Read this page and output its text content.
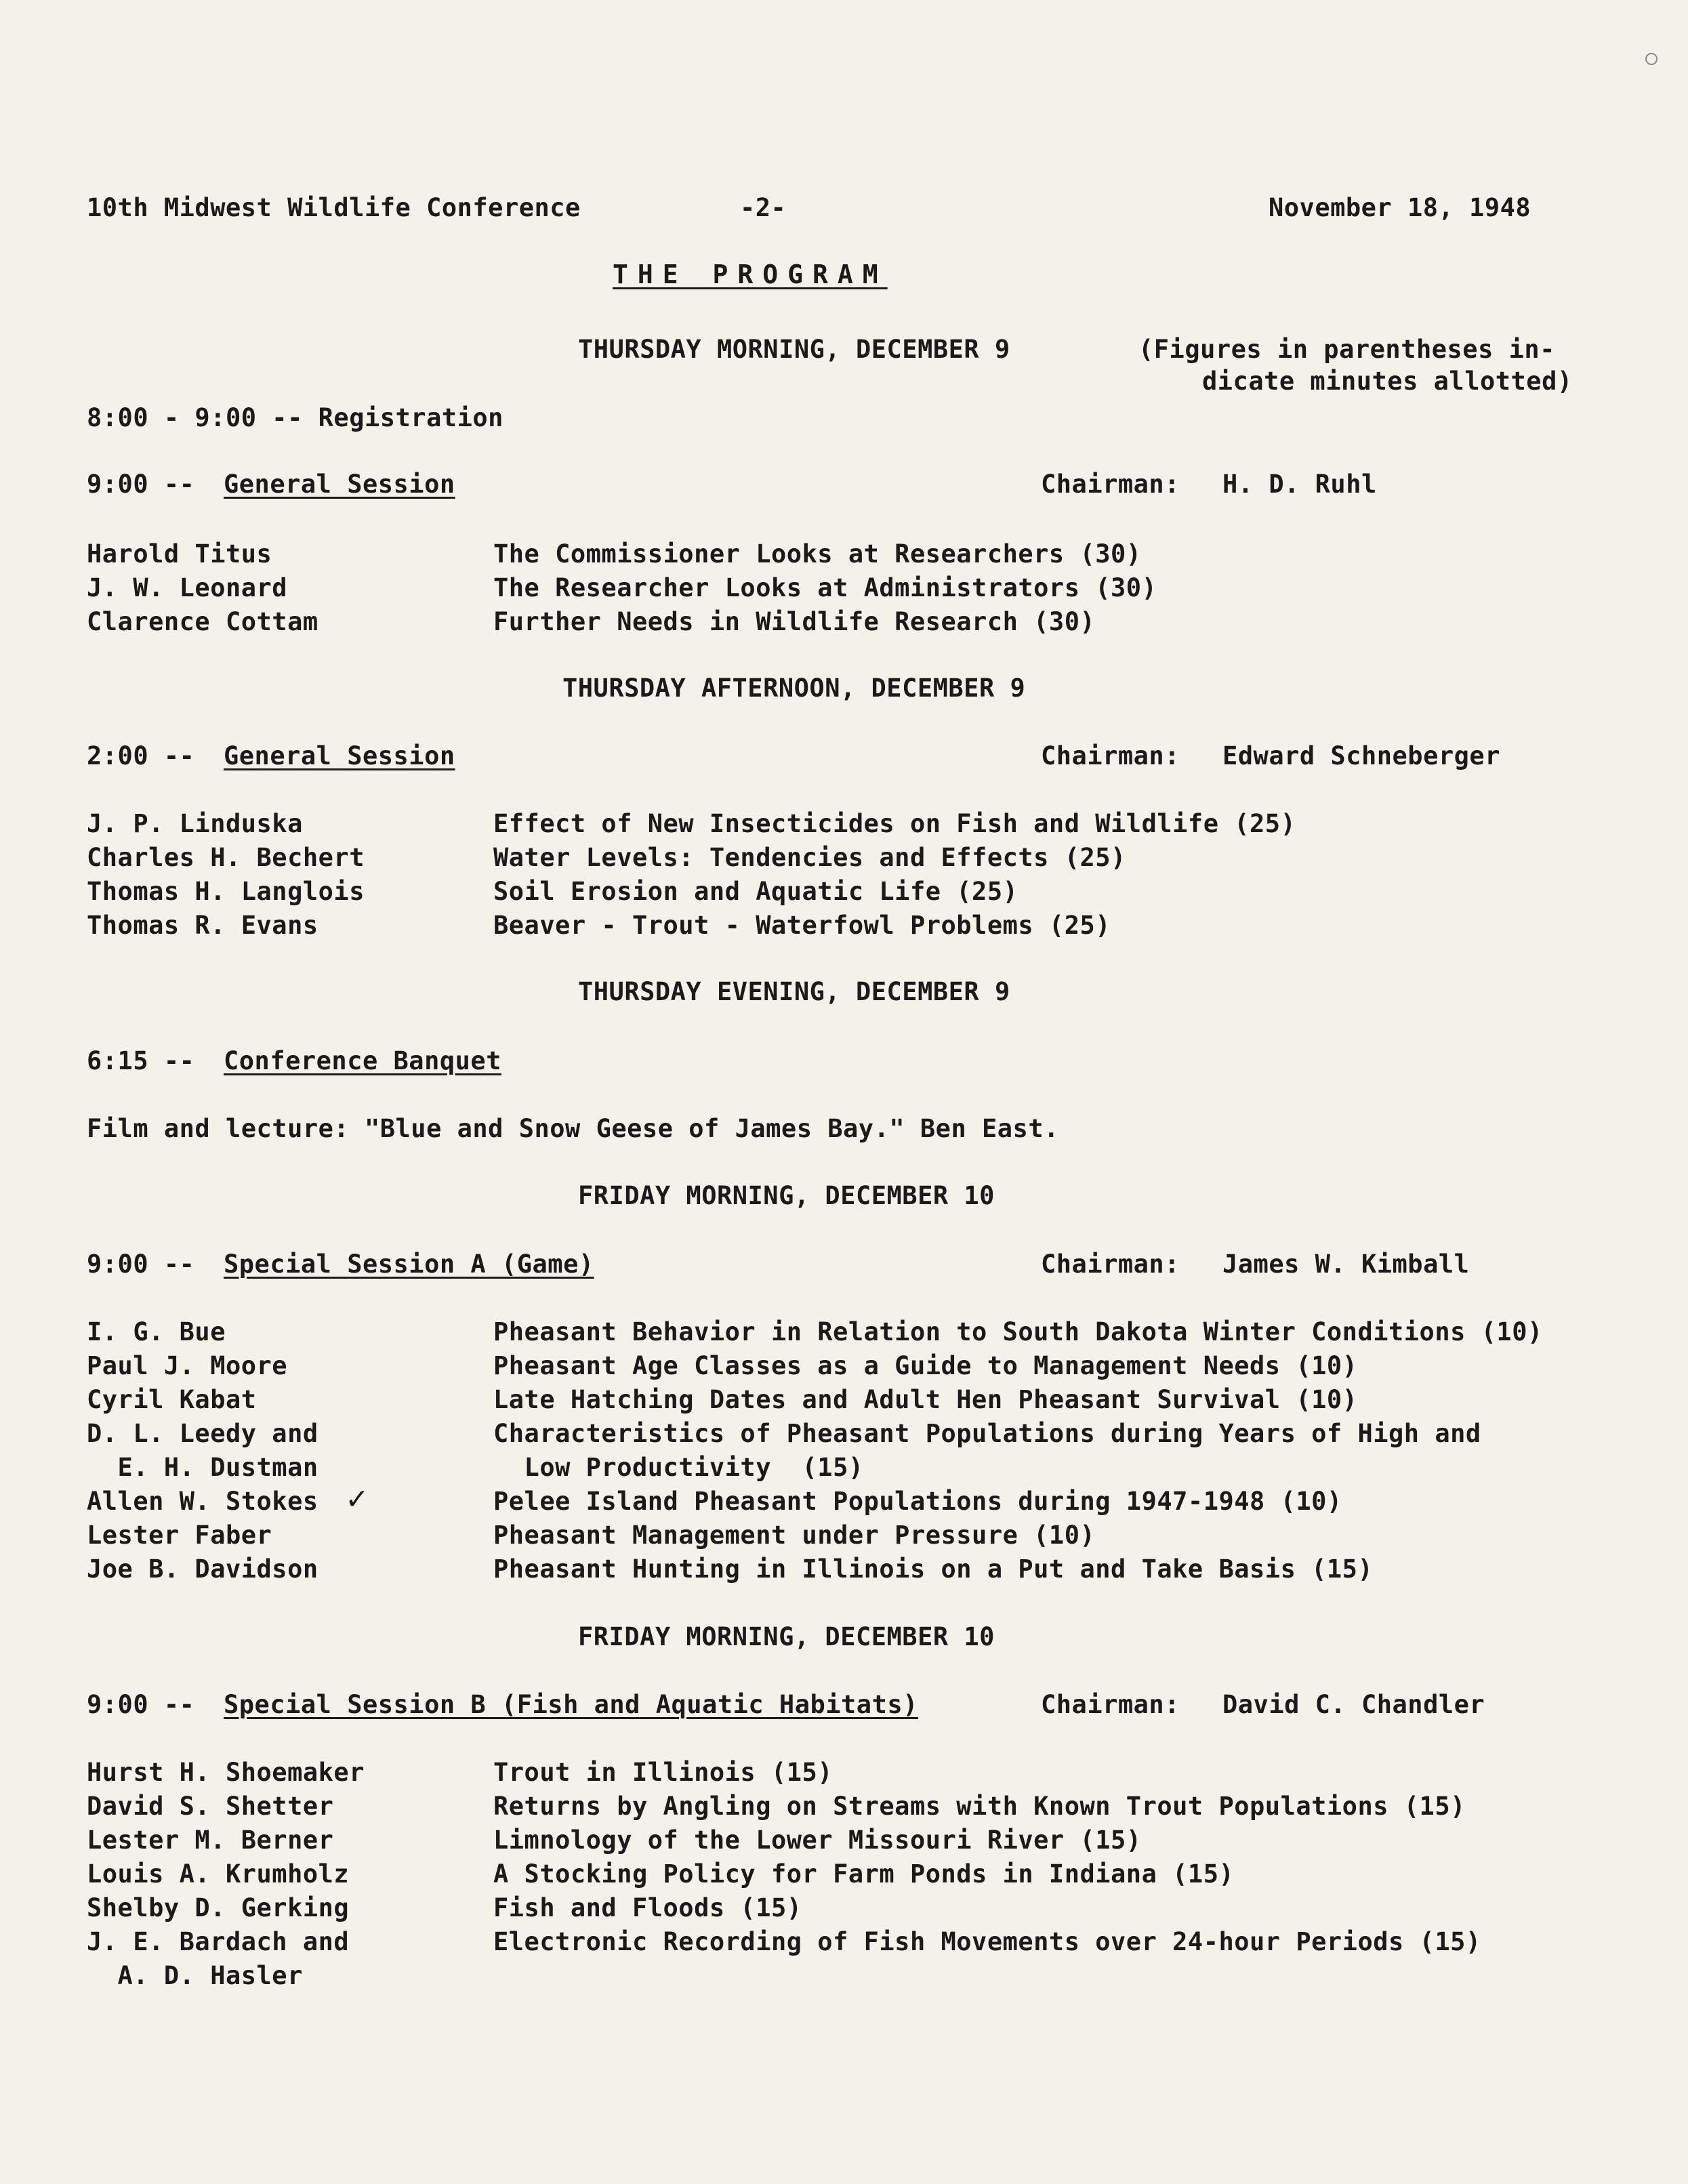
10th Midwest Wildlife Conference	-2-	November 18, 1948
THE PROGRAM
THURSDAY MORNING, DECEMBER 9	(Figures in parentheses in-
dicate minutes allotted)
8:00 - 9:00 -- Registration
9:00 -- General Session	Chairman: H. D. Ruhl
Harold Titus	The Commissioner Looks at Researchers (30)
J. W. Leonard	The Researcher Looks at Administrators (30)
Clarence Cottam	Further Needs in Wildlife Research (30)
THURSDAY AFTERNOON, DECEMBER 9
2:00 -- General Session	Chairman: Edward Schneberger
J. P. Linduska	Effect of New Insecticides on Fish and Wildlife (25)
Charles H. Bechert	Water Levels: Tendencies and Effects (25)
Thomas H. Langlois	Soil Erosion and Aquatic Life (25)
Thomas R. Evans	Beaver - Trout - Waterfowl Problems (25)
THURSDAY EVENING, DECEMBER 9
6:15 -- Conference Banquet
Film and lecture: "Blue and Snow Geese of James Bay." Ben East.
FRIDAY MORNING, DECEMBER 10
9:00 -- Special Session A (Game)	Chairman: James W. Kimball
I. G. Bue	Pheasant Behavior in Relation to South Dakota Winter Conditions (10)
Paul J. Moore	Pheasant Age Classes as a Guide to Management Needs (10)
Cyril Kabat	Late Hatching Dates and Adult Hen Pheasant Survival (10)
D. L. Leedy and	Characteristics of Pheasant Populations during Years of High and
E. H. Dustman	Low Productivity  (15)
Allen W. Stokes ✓	Pelee Island Pheasant Populations during 1947-1948 (10)
Lester Faber	Pheasant Management under Pressure (10)
Joe B. Davidson	Pheasant Hunting in Illinois on a Put and Take Basis (15)
FRIDAY MORNING, DECEMBER 10
9:00 -- Special Session B (Fish and Aquatic Habitats)	Chairman: David C. Chandler
Hurst H. Shoemaker	Trout in Illinois (15)
David S. Shetter	Returns by Angling on Streams with Known Trout Populations (15)
Lester M. Berner	Limnology of the Lower Missouri River (15)
Louis A. Krumholz	A Stocking Policy for Farm Ponds in Indiana (15)
Shelby D. Gerking	Fish and Floods (15)
J. E. Bardach and	Electronic Recording of Fish Movements over 24-hour Periods (15)
A. D. Hasler
